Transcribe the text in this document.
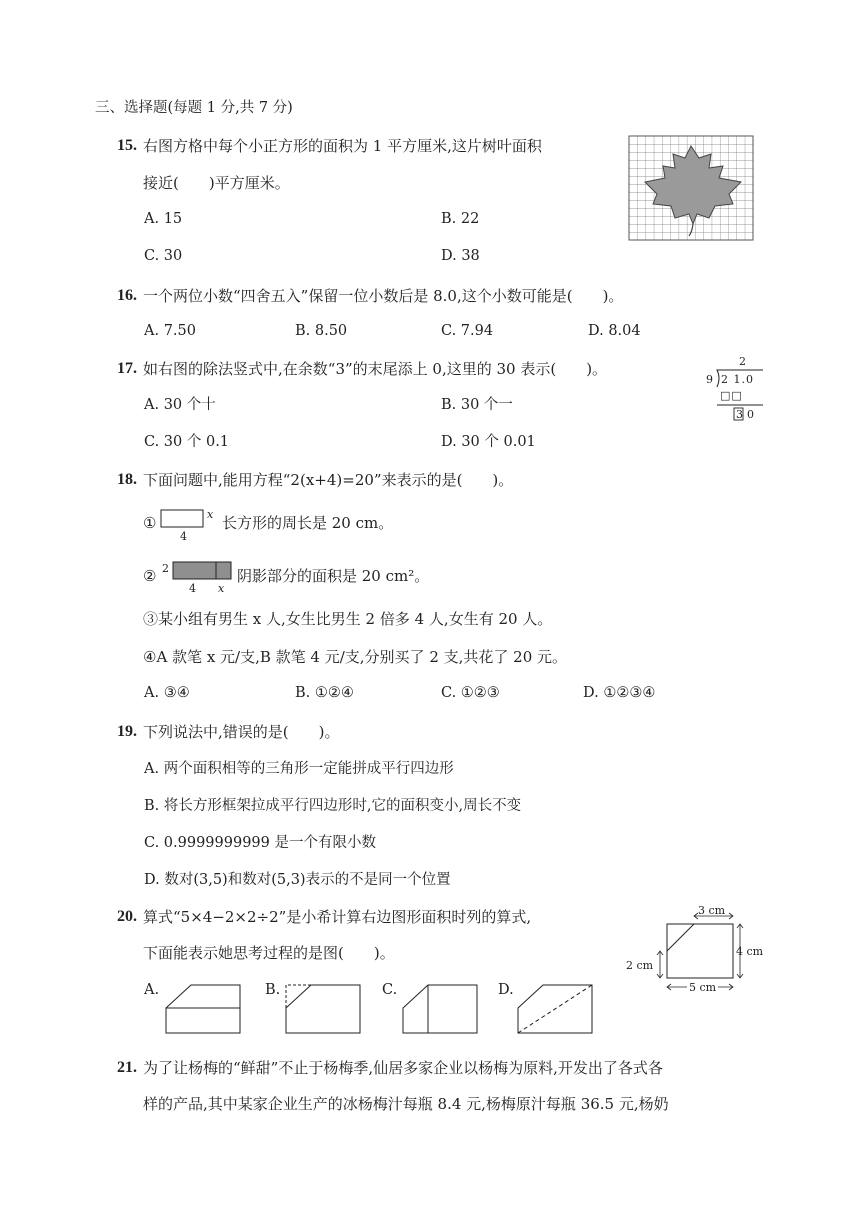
三、选择题(每题 1 分,共 7 分)
15. 右图方格中每个小正方形的面积为 1 平方厘米,这片树叶面积
接近(　　)平方厘米。
A. 15	B. 22
C. 30	D. 38
16. 一个两位小数“四舍五入”保留一位小数后是 8.0,这个小数可能是(　　)。
A. 7.50	B. 8.50	C. 7.94	D. 8.04
17. 如右图的除法竖式中,在余数“3”的末尾添上 0,这里的 30 表示(　　)。
A. 30 个十	B. 30 个一
C. 30 个 0.1	D. 30 个 0.01
2
9 2 1.0
□□
3 0
18. 下面问题中,能用方程“2(x+4)=20”来表示的是(　　)。
①	x
4
长方形的周长是 20 cm。
② 2
4 x
阴影部分的面积是 20 cm²。
③某小组有男生 x 人,女生比男生 2 倍多 4 人,女生有 20 人。
④A 款笔 x 元/支,B 款笔 4 元/支,分别买了 2 支,共花了 20 元。
A. ③④	B. ①②④	C. ①②③	D. ①②③④
19. 下列说法中,错误的是(　　)。
A. 两个面积相等的三角形一定能拼成平行四边形
B. 将长方形框架拉成平行四边形时,它的面积变小,周长不变
C. 0.9999999999 是一个有限小数
D. 数对(3,5)和数对(5,3)表示的不是同一个位置
20. 算式“5×4−2×2÷2”是小希计算右边图形面积时列的算式,
下面能表示她思考过程的是图(　　)。
3 cm
2 cm
4 cm
5 cm
A.	B.	C.	D.
21. 为了让杨梅的“鲜甜”不止于杨梅季,仙居多家企业以杨梅为原料,开发出了各式各
样的产品,其中某家企业生产的冰杨梅汁每瓶 8.4 元,杨梅原汁每瓶 36.5 元,杨奶
